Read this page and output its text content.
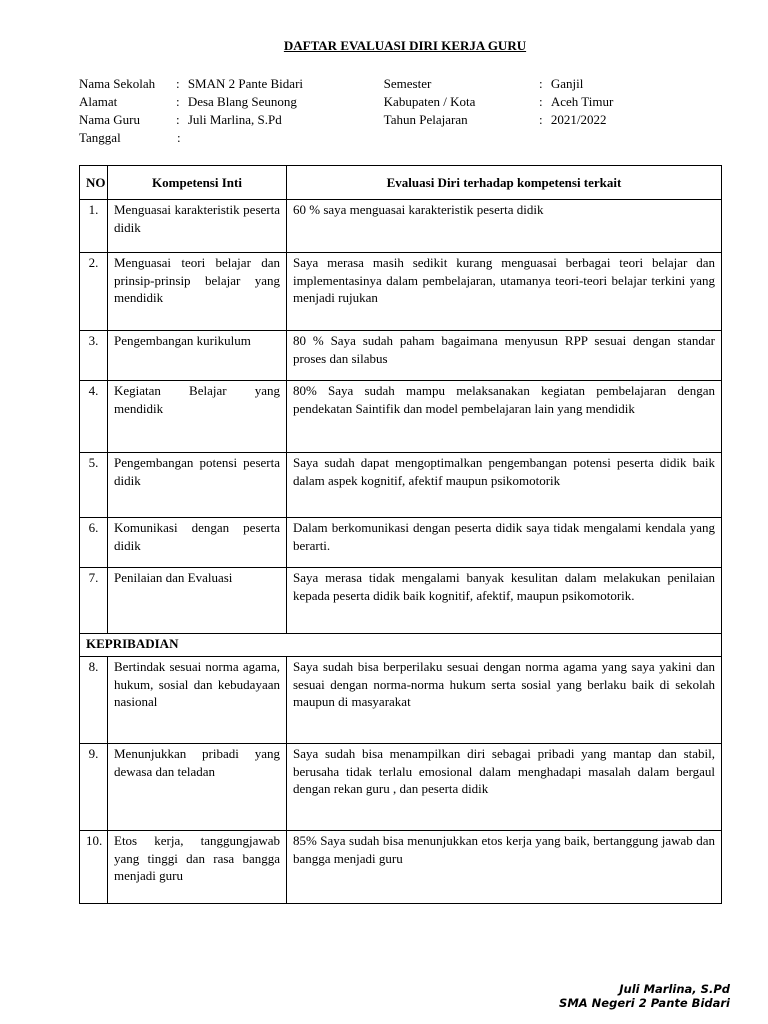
DAFTAR EVALUASI DIRI KERJA GURU
Nama Sekolah	: SMAN 2 Pante Bidari	Semester	: Ganjil
Alamat	: Desa Blang Seunong	Kabupaten / Kota	: Aceh Timur
Nama Guru	: Juli Marlina, S.Pd	Tahun Pelajaran	: 2021/2022
Tanggal	:
NO	Kompetensi Inti	Evaluasi Diri terhadap kompetensi terkait
1.	Menguasai karakteristik peserta didik	60 % saya menguasai karakteristik peserta didik
2.	Menguasai teori belajar dan prinsip-prinsip belajar yang mendidik	Saya merasa masih sedikit kurang menguasai berbagai teori belajar dan implementasinya dalam pembelajaran, utamanya teori-teori belajar terkini yang menjadi rujukan
3.	Pengembangan kurikulum	80 % Saya sudah paham bagaimana menyusun RPP sesuai dengan standar proses dan silabus
4.	Kegiatan Belajar yang mendidik	80% Saya sudah mampu melaksanakan kegiatan pembelajaran dengan pendekatan Saintifik dan model pembelajaran lain yang mendidik
5.	Pengembangan potensi peserta didik	Saya sudah dapat mengoptimalkan pengembangan potensi peserta didik baik dalam aspek kognitif, afektif maupun psikomotorik
6.	Komunikasi dengan peserta didik	Dalam berkomunikasi dengan peserta didik saya tidak mengalami kendala yang berarti.
7.	Penilaian dan Evaluasi	Saya merasa tidak mengalami banyak kesulitan dalam melakukan penilaian kepada peserta didik baik kognitif, afektif, maupun psikomotorik.
KEPRIBADIAN		
8.	Bertindak sesuai norma agama, hukum, sosial dan kebudayaan nasional	Saya sudah bisa berperilaku sesuai dengan norma agama yang saya yakini dan sesuai dengan norma-norma hukum serta sosial yang berlaku baik di sekolah maupun di masyarakat
9.	Menunjukkan pribadi yang dewasa dan teladan	Saya sudah bisa menampilkan diri sebagai pribadi yang mantap dan stabil, berusaha tidak terlalu emosional dalam menghadapi masalah dalam bergaul dengan rekan guru , dan peserta didik
10.	Etos kerja, tanggungjawab yang tinggi dan rasa bangga menjadi guru	85% Saya sudah bisa menunjukkan etos kerja yang baik, bertanggung jawab dan bangga menjadi guru
Juli Marlina, S.Pd
SMA Negeri 2 Pante Bidari
